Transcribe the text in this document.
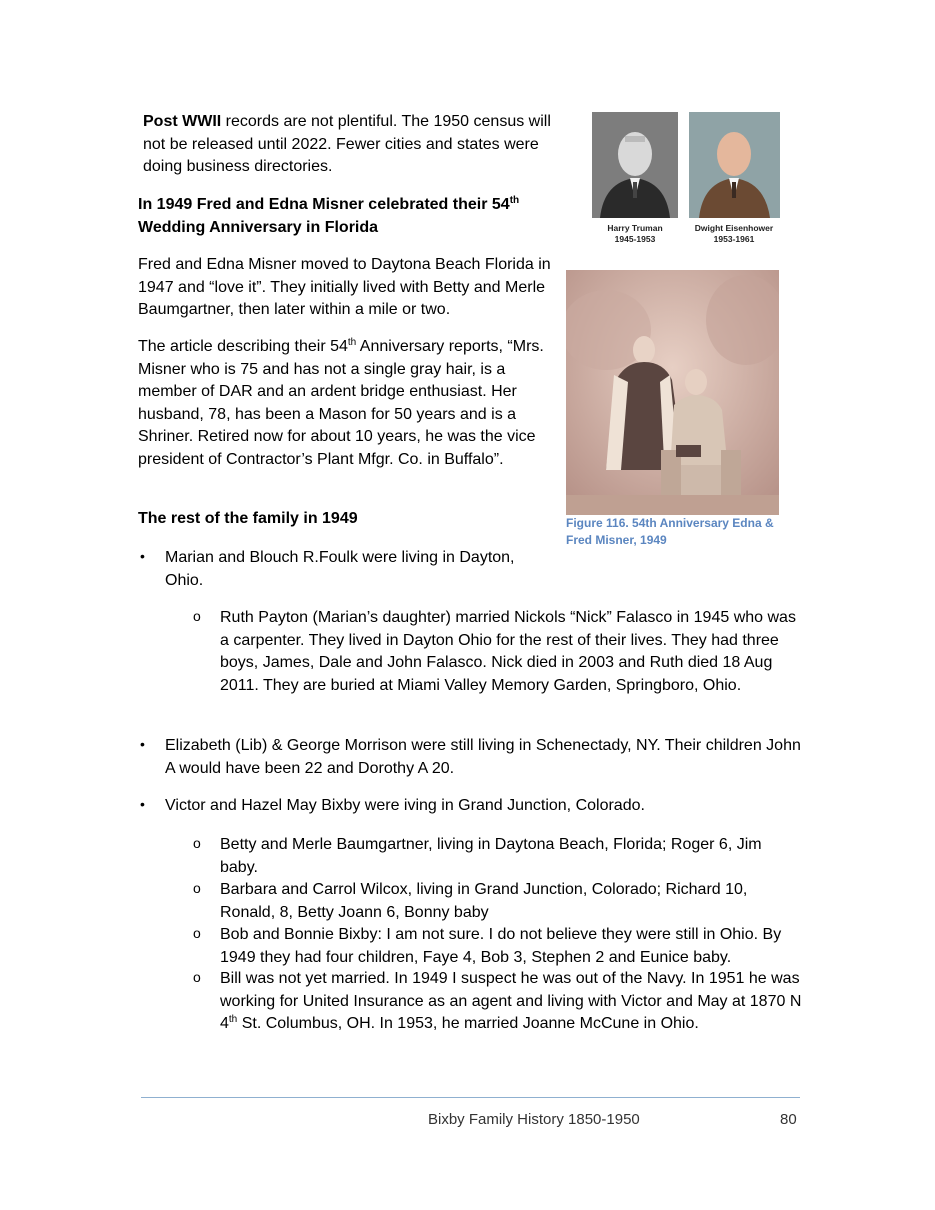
Post WWII records are not plentiful. The 1950 census will not be released until 2022. Fewer cities and states were doing business directories.

In 1949 Fred and Edna Misner celebrated their 54th Wedding Anniversary in Florida

Fred and Edna Misner moved to Daytona Beach Florida in 1947 and “love it”. They initially lived with Betty and Merle Baumgartner, then later within a mile or two.

The article describing their 54th Anniversary reports, “Mrs. Misner who is 75 and has not a single gray hair, is a member of DAR and an ardent bridge enthusiast. Her husband, 78, has been a Mason for 50 years and is a Shriner. Retired now for about 10 years, he was the vice president of Contractor’s Plant Mfgr. Co. in Buffalo”.

The rest of the family in 1949

Harry Truman
1945-1953
Dwight Eisenhower
1953-1961
Figure 116. 54th Anniversary Edna & Fred Misner, 1949
• Marian and Blouch R.Foulk were living in Dayton, Ohio.

o Ruth Payton (Marian’s daughter) married Nickols “Nick” Falasco in 1945 who was a carpenter. They lived in Dayton Ohio for the rest of their lives. They had three boys, James, Dale and John Falasco. Nick died in 2003 and Ruth died 18 Aug 2011. They are buried at Miami Valley Memory Garden, Springboro, Ohio.

• Elizabeth (Lib) & George Morrison were still living in Schenectady, NY. Their children John A would have been 22 and Dorothy A 20.

• Victor and Hazel May Bixby were iving in Grand Junction, Colorado.

o Betty and Merle Baumgartner, living in Daytona Beach, Florida; Roger 6, Jim baby.

o Barbara and Carrol Wilcox, living in Grand Junction, Colorado; Richard 10, Ronald, 8, Betty Joann 6, Bonny baby

o Bob and Bonnie Bixby: I am not sure. I do not believe they were still in Ohio. By 1949 they had four children, Faye 4, Bob 3, Stephen 2 and Eunice baby.

o Bill was not yet married. In 1949 I suspect he was out of the Navy. In 1951 he was working for United Insurance as an agent and living with Victor and May at 1870 N 4th St. Columbus, OH. In 1953, he married Joanne McCune in Ohio.

Bixby Family History 1850-1950	80
